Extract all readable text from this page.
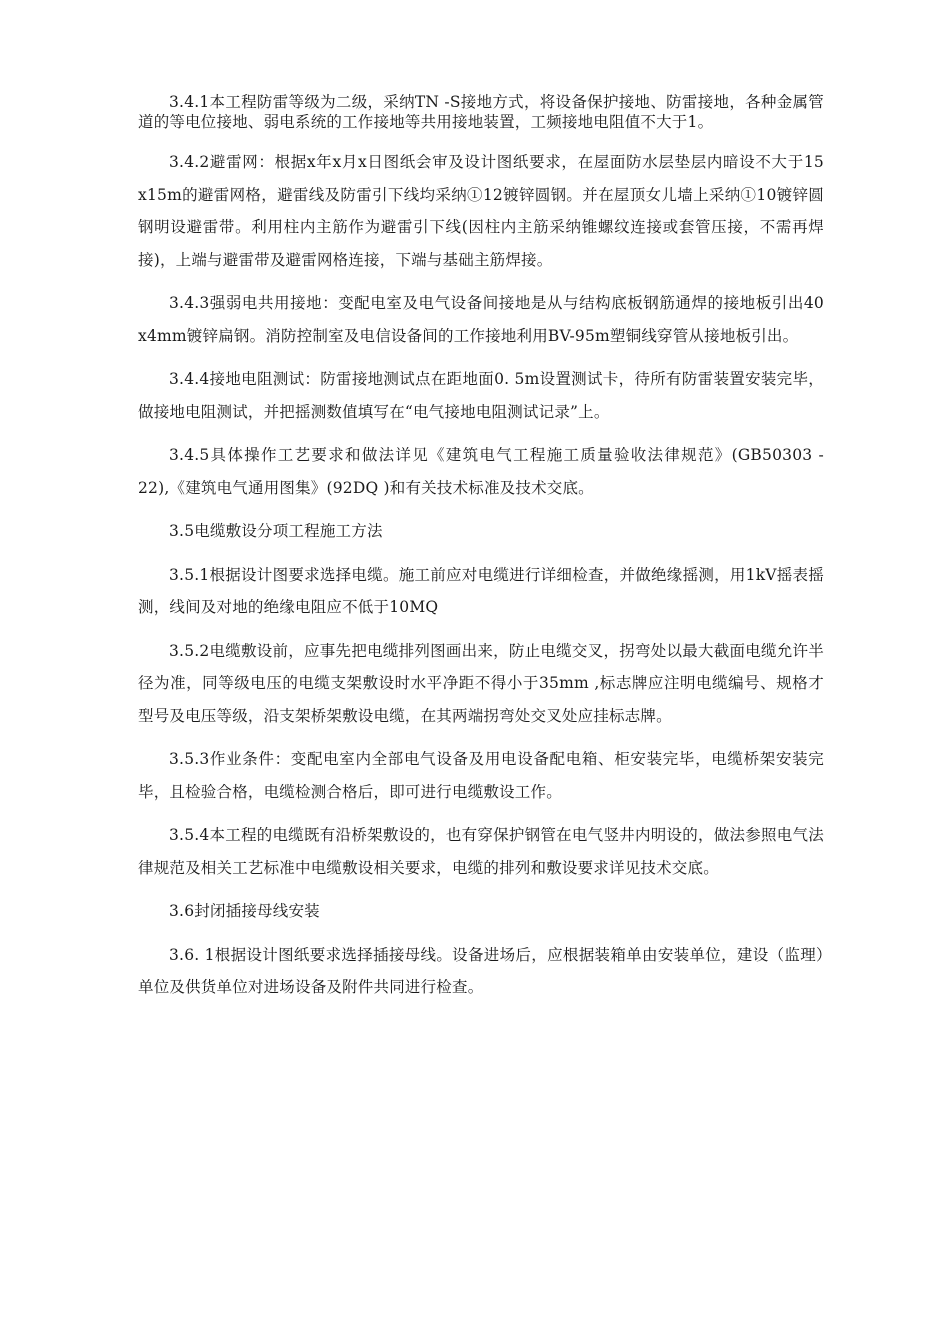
3.4.1本工程防雷等级为二级，采纳TN -S接地方式，将设备保护接地、防雷接地，各种金属管道的等电位接地、弱电系统的工作接地等共用接地装置，工频接地电阻值不大于1。

3.4.2避雷网：根据x年x月x日图纸会审及设计图纸要求，在屋面防水层垫层内暗设不大于15 x15m的避雷网格，避雷线及防雷引下线均采纳①12镀锌圆钢。并在屋顶女儿墙上采纳①10镀锌圆钢明设避雷带。利用柱内主筋作为避雷引下线(因柱内主筋采纳锥螺纹连接或套管压接，不需再焊接)，上端与避雷带及避雷网格连接，下端与基础主筋焊接。

3.4.3强弱电共用接地：变配电室及电气设备间接地是从与结构底板钢筋通焊的接地板引出40 x4mm镀锌扁钢。消防控制室及电信设备间的工作接地利用BV-95m塑铜线穿管从接地板引出。

3.4.4接地电阻测试：防雷接地测试点在距地面0. 5m设置测试卡，待所有防雷装置安装完毕，做接地电阻测试，并把摇测数值填写在“电气接地电阻测试记录”上。

3.4.5具体操作工艺要求和做法详见《建筑电气工程施工质量验收法律规范》(GB50303 - 22),《建筑电气通用图集》(92DQ )和有关技术标准及技术交底。

3.5电缆敷设分项工程施工方法

3.5.1根据设计图要求选择电缆。施工前应对电缆进行详细检查，并做绝缘摇测，用1kV摇表摇测，线间及对地的绝缘电阻应不低于10MQ

3.5.2电缆敷设前，应事先把电缆排列图画出来，防止电缆交叉，拐弯处以最大截面电缆允许半径为准，同等级电压的电缆支架敷设时水平净距不得小于35mm ,标志牌应注明电缆编号、规格才型号及电压等级，沿支架桥架敷设电缆，在其两端拐弯处交叉处应挂标志牌。

3.5.3作业条件：变配电室内全部电气设备及用电设备配电箱、柜安装完毕，电缆桥架安装完毕，且检验合格，电缆检测合格后，即可进行电缆敷设工作。

3.5.4本工程的电缆既有沿桥架敷设的，也有穿保护钢管在电气竖井内明设的，做法参照电气法律规范及相关工艺标准中电缆敷设相关要求，电缆的排列和敷设要求详见技术交底。

3.6封闭插接母线安装

3.6. 1根据设计图纸要求选择插接母线。设备进场后，应根据装箱单由安装单位，建设（监理）单位及供货单位对进场设备及附件共同进行检查。
